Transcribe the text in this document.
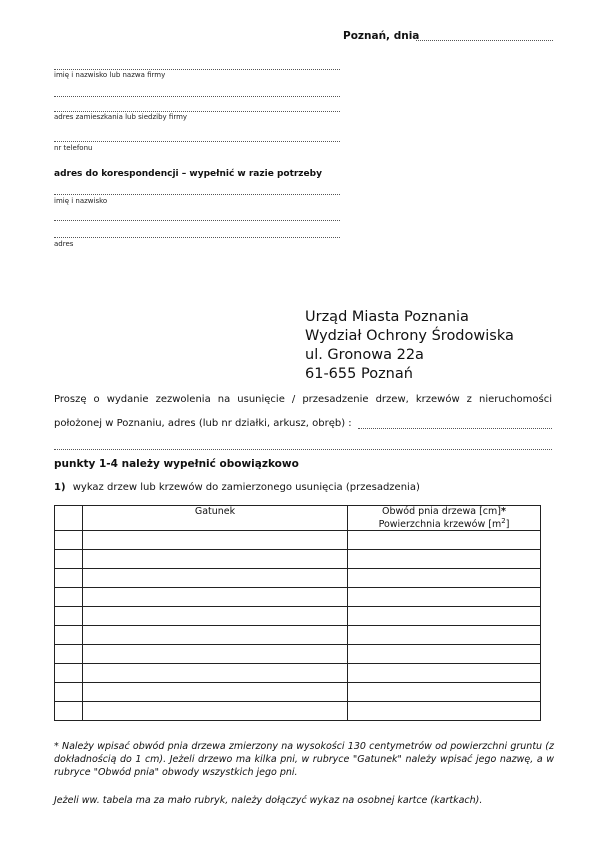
Poznań, dnia
imię i nazwisko lub nazwa firmy
adres zamieszkania lub siedziby firmy
nr telefonu
adres do korespondencji – wypełnić w razie potrzeby
imię i nazwisko
adres
Urząd Miasta Poznania
Wydział Ochrony Środowiska
ul. Gronowa 22a
61-655 Poznań
Proszę o wydanie zezwolenia na usunięcie / przesadzenie drzew, krzewów z nieruchomości
położonej w Poznaniu, adres (lub nr działki, arkusz, obręb) :
punkty 1-4 należy wypełnić obowiązkowo
1) wykaz drzew lub krzewów do zamierzonego usunięcia (przesadzenia)
	Gatunek	Obwód pnia drzewa [cm]*
Powierzchnia krzewów $[m^2]$

* Należy wpisać obwód pnia drzewa zmierzony na wysokości 130 centymetrów od powierzchni gruntu (z dokładnością do 1 cm). Jeżeli drzewo ma kilka pni, w rubryce "Gatunek" należy wpisać jego nazwę, a w rubryce "Obwód pnia" obwody wszystkich jego pni.
Jeżeli ww. tabela ma za mało rubryk, należy dołączyć wykaz na osobnej kartce (kartkach).
